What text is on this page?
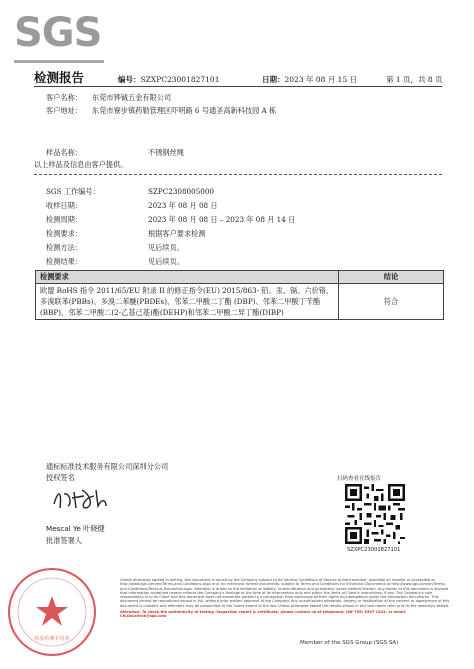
SGS
检测报告	编号：SZXPC23001827101	日期：2023 年 08 月 15 日	第 1 页，共 8 页
客户名称： 东莞市铧铖五金有限公司
客户地址： 东莞市寮步镇药勒管理区吓明路 6 号通圣高新科技园 A 栋
样品名称：	不锈钢丝绳
以上样品及信息由客户提供。
SGS 工作编号：	SZPC2308005000
收样日期：	2023 年 08 月 08 日
检测周期：	2023 年 08 月 08 日 – 2023 年 08 月 14 日
检测要求：	根据客户要求检测
检测方法：	见后续页。
检测结果：	见后续页。
检测要求	结论
欧盟 RoHS 指令 2011/65/EU 附录 II 的修正指令(EU) 2015/863- 铅、汞、镉、六价铬、多溴联苯(PBBs)、多溴二苯醚(PBDEs)、邻苯二甲酸二丁酯 (DBP)、邻苯二甲酸丁苄酯(BBP)、邻苯二甲酸二(2-乙基己基)酯(DEHP)和邻苯二甲酸二异丁酯(DIBP)	符合
通标标准技术服务有限公司深圳分公司
授权签名
Mescal Ye 叶晓健
批准签署人
扫码查看在线报告
SZXPC23001827101
检验检测专用章
Unless otherwise agreed in writing, this document is issued by the Company subject to its General Conditions of Service printed overleaf, available on request or accessible at http://www.sgs.com/en/Terms-and-Conditions.aspx and, for electronic format documents, subject to Terms and Conditions for Electronic Documents at http://www.sgs.com/en/Terms-and-Conditions/Terms-e-Document.aspx. Attention is drawn to the limitation of liability, indemnification and jurisdiction issues defined therein. Any holder of this document is advised that information contained hereon reflects the Company's findings at the time of its intervention only and within the limits of Client's instructions, if any. The Company's sole responsibility is to its Client and this document does not exonerate parties to a transaction from exercising all their rights and obligations under the transaction documents. This document cannot be reproduced except in full, without prior written approval of the Company. Any unauthorized alteration, forgery or falsification of the content or appearance of this document is unlawful and offenders may be prosecuted to the fullest extent of the law. Unless otherwise stated the results shown in this test report refer only to the sample(s) tested.
Attention: To check the authenticity of testing /inspection report & certificate, please contact us at telephone: (86-755) 8307 1443, or email: CN.Doccheck@sgs.com
Member of the SGS Group (SGS SA)
